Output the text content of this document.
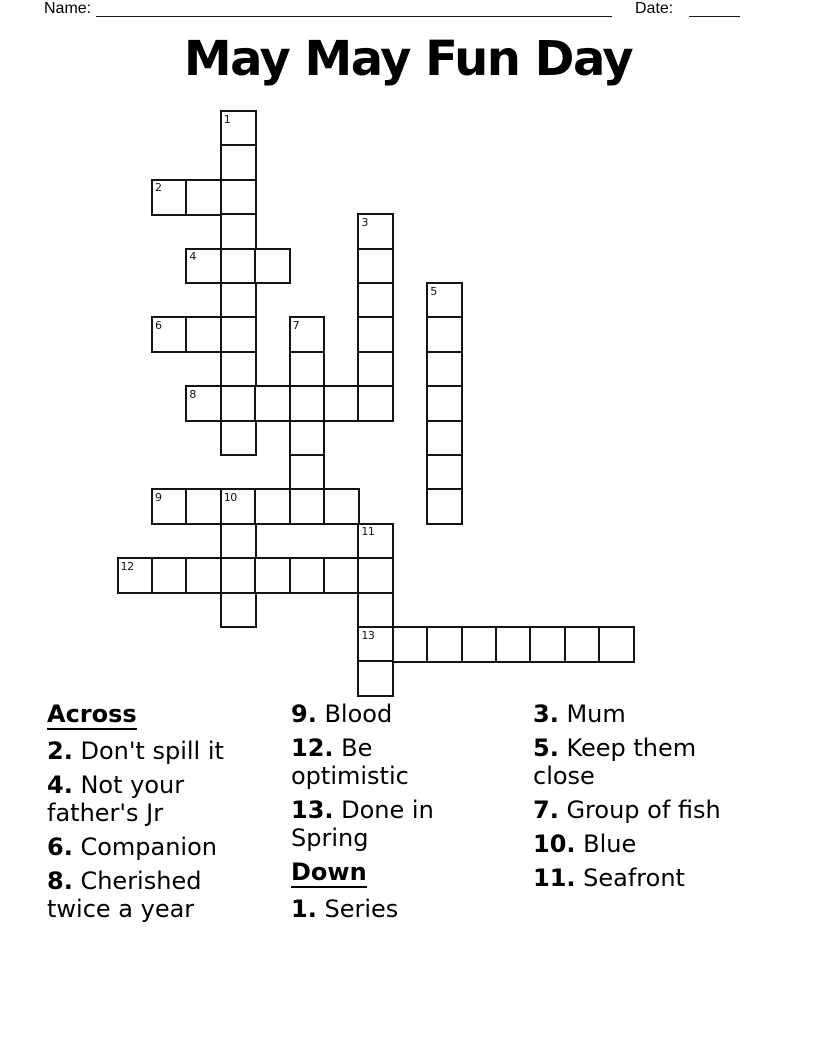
Name:	Date:
May May Fun Day
1
2
3
4
5
6	7
8
9	10
11
12
13
Across
2. Don't spill it
4. Not your father's Jr
6. Companion
8. Cherished twice a year
9. Blood
12. Be optimistic
13. Done in Spring
Down
1. Series
3. Mum
5. Keep them close
7. Group of fish
10. Blue
11. Seafront
